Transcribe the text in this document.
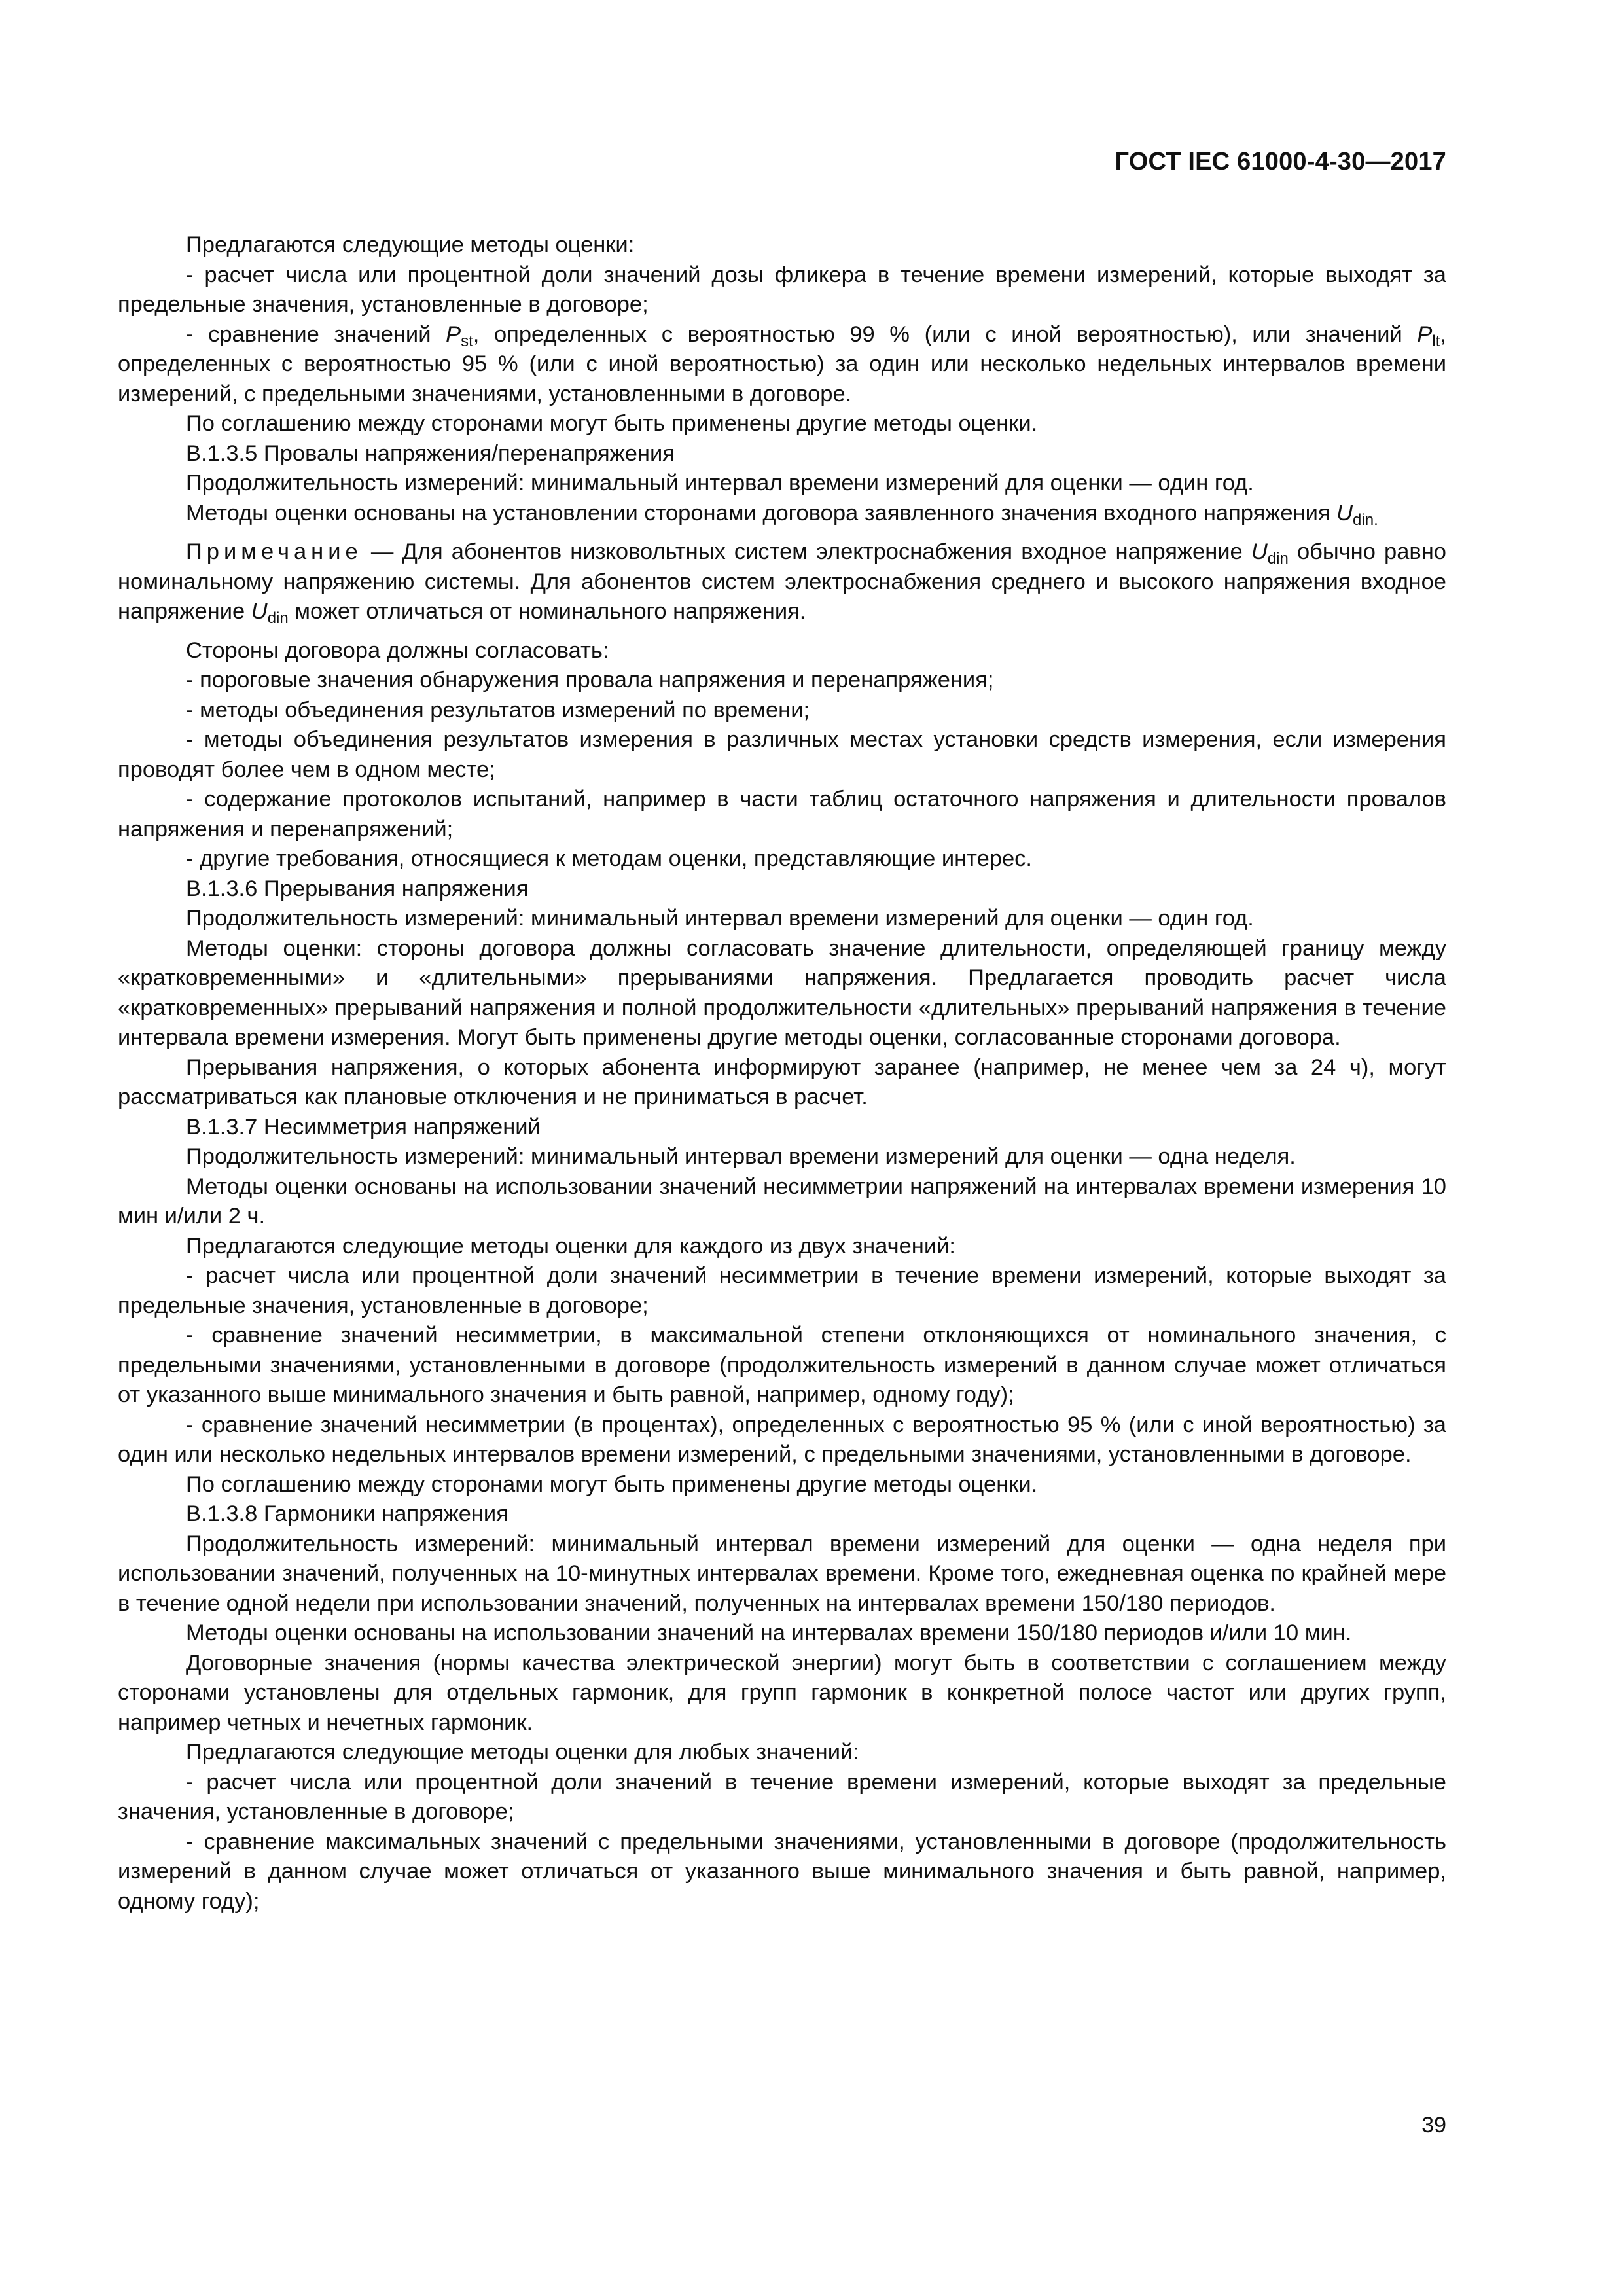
ГОСТ IEC 61000-4-30—2017

Предлагаются следующие методы оценки:

- расчет числа или процентной доли значений дозы фликера в течение времени измерений, которые выходят за предельные значения, установленные в договоре;

- сравнение значений $P_{st}$, определенных с вероятностью 99 % (или с иной вероятностью), или значений $P_{lt}$, определенных с вероятностью 95 % (или с иной вероятностью) за один или несколько недельных интервалов времени измерений, с предельными значениями, установленными в договоре.

По соглашению между сторонами могут быть применены другие методы оценки.

B.1.3.5 Провалы напряжения/перенапряжения

Продолжительность измерений: минимальный интервал времени измерений для оценки — один год.

Методы оценки основаны на установлении сторонами договора заявленного значения входного напряжения $U_{din.}$

Примечание — Для абонентов низковольтных систем электроснабжения входное напряжение $U_{din}$ обычно равно номинальному напряжению системы. Для абонентов систем электроснабжения среднего и высокого напряжения входное напряжение $U_{din}$ может отличаться от номинального напряжения.

Стороны договора должны согласовать:

- пороговые значения обнаружения провала напряжения и перенапряжения;

- методы объединения результатов измерений по времени;

- методы объединения результатов измерения в различных местах установки средств измерения, если измерения проводят более чем в одном месте;

- содержание протоколов испытаний, например в части таблиц остаточного напряжения и длительности провалов напряжения и перенапряжений;

- другие требования, относящиеся к методам оценки, представляющие интерес.

B.1.3.6 Прерывания напряжения

Продолжительность измерений: минимальный интервал времени измерений для оценки — один год.

Методы оценки: стороны договора должны согласовать значение длительности, определяющей границу между «кратковременными» и «длительными» прерываниями напряжения. Предлагается проводить расчет числа «кратковременных» прерываний напряжения и полной продолжительности «длительных» прерываний напряжения в течение интервала времени измерения. Могут быть применены другие методы оценки, согласованные сторонами договора.

Прерывания напряжения, о которых абонента информируют заранее (например, не менее чем за 24 ч), могут рассматриваться как плановые отключения и не приниматься в расчет.

B.1.3.7 Несимметрия напряжений

Продолжительность измерений: минимальный интервал времени измерений для оценки — одна неделя.

Методы оценки основаны на использовании значений несимметрии напряжений на интервалах времени измерения 10 мин и/или 2 ч.

Предлагаются следующие методы оценки для каждого из двух значений:

- расчет числа или процентной доли значений несимметрии в течение времени измерений, которые выходят за предельные значения, установленные в договоре;

- сравнение значений несимметрии, в максимальной степени отклоняющихся от номинального значения, с предельными значениями, установленными в договоре (продолжительность измерений в данном случае может отличаться от указанного выше минимального значения и быть равной, например, одному году);

- сравнение значений несимметрии (в процентах), определенных с вероятностью 95 % (или с иной вероятностью) за один или несколько недельных интервалов времени измерений, с предельными значениями, установленными в договоре.

По соглашению между сторонами могут быть применены другие методы оценки.

B.1.3.8 Гармоники напряжения

Продолжительность измерений: минимальный интервал времени измерений для оценки — одна неделя при использовании значений, полученных на 10-минутных интервалах времени. Кроме того, ежедневная оценка по крайней мере в течение одной недели при использовании значений, полученных на интервалах времени 150/180 периодов.

Методы оценки основаны на использовании значений на интервалах времени 150/180 периодов и/или 10 мин.

Договорные значения (нормы качества электрической энергии) могут быть в соответствии с соглашением между сторонами установлены для отдельных гармоник, для групп гармоник в конкретной полосе частот или других групп, например четных и нечетных гармоник.

Предлагаются следующие методы оценки для любых значений:

- расчет числа или процентной доли значений в течение времени измерений, которые выходят за предельные значения, установленные в договоре;

- сравнение максимальных значений с предельными значениями, установленными в договоре (продолжительность измерений в данном случае может отличаться от указанного выше минимального значения и быть равной, например, одному году);

39
